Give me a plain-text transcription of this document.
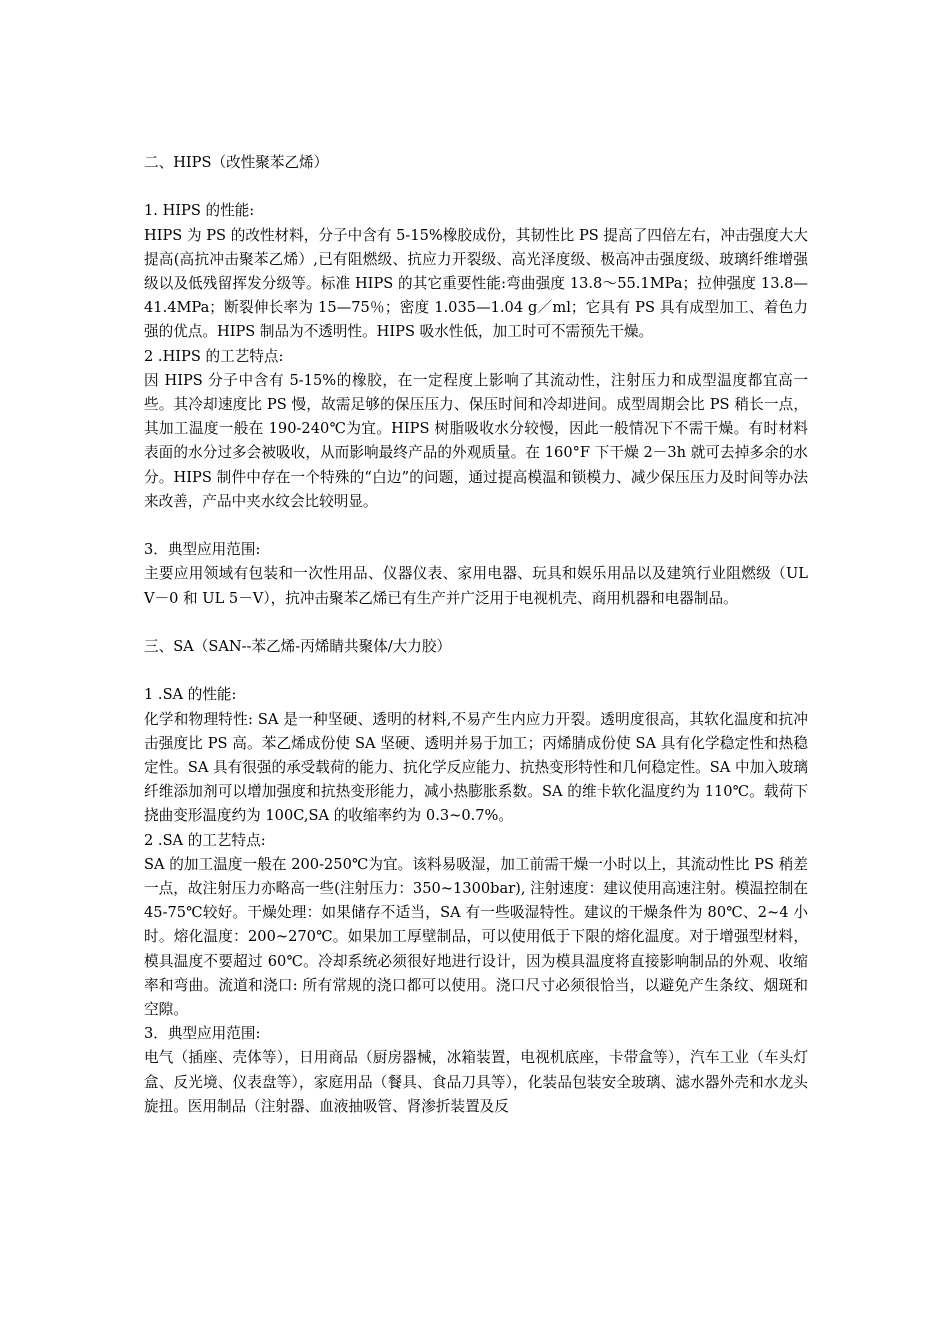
二、HIPS（改性聚苯乙烯）

1. HIPS 的性能:

HIPS 为 PS 的改性材料，分子中含有 5-15%橡胶成份，其韧性比 PS 提高了四倍左右，冲击强度大大提高(高抗冲击聚苯乙烯）,已有阻燃级、抗应力开裂级、高光泽度级、极高冲击强度级、玻璃纤维增强级以及低残留挥发分级等。标准 HIPS 的其它重要性能:弯曲强度 13.8～55.1MPa；拉伸强度 13.8—41.4MPa；断裂伸长率为 15—75％；密度 1.035—1.04 g／ml；它具有 PS 具有成型加工、着色力强的优点。HIPS 制品为不透明性。HIPS 吸水性低，加工时可不需预先干燥。

2 .HIPS 的工艺特点:

因 HIPS 分子中含有 5-15%的橡胶，在一定程度上影响了其流动性，注射压力和成型温度都宜高一些。其冷却速度比 PS 慢，故需足够的保压压力、保压时间和冷却进间。成型周期会比 PS 稍长一点，其加工温度一般在 190-240℃为宜。HIPS 树脂吸收水分较慢，因此一般情况下不需干燥。有时材料表面的水分过多会被吸收，从而影响最终产品的外观质量。在 160°F 下干燥 2－3h 就可去掉多余的水分。HIPS 制件中存在一个特殊的“白边”的问题，通过提高模温和锁模力、减少保压压力及时间等办法来改善，产品中夹水纹会比较明显。

3．典型应用范围:

主要应用领域有包装和一次性用品、仪器仪表、家用电器、玩具和娱乐用品以及建筑行业阻燃级（UL V－0 和 UL 5－V），抗冲击聚苯乙烯已有生产并广泛用于电视机壳、商用机器和电器制品。

三、SA（SAN--苯乙烯-丙烯睛共聚体/大力胶）

1 .SA 的性能:

化学和物理特性: SA 是一种坚硬、透明的材料,不易产生内应力开裂。透明度很高，其软化温度和抗冲击强度比 PS 高。苯乙烯成份使 SA 坚硬、透明并易于加工；丙烯腈成份使 SA 具有化学稳定性和热稳定性。SA 具有很强的承受载荷的能力、抗化学反应能力、抗热变形特性和几何稳定性。SA 中加入玻璃纤维添加剂可以增加强度和抗热变形能力，减小热膨胀系数。SA 的维卡软化温度约为 110℃。载荷下挠曲变形温度约为 100C,SA 的收缩率约为 0.3~0.7%。

2 .SA 的工艺特点:

SA 的加工温度一般在 200-250℃为宜。该料易吸湿，加工前需干燥一小时以上，其流动性比 PS 稍差一点，故注射压力亦略高一些(注射压力：350~1300bar), 注射速度：建议使用高速注射。模温控制在 45-75℃较好。干燥处理：如果储存不适当，SA 有一些吸湿特性。建议的干燥条件为 80℃、2~4 小时。熔化温度：200~270℃。如果加工厚壁制品，可以使用低于下限的熔化温度。对于增强型材料，模具温度不要超过 60℃。冷却系统必须很好地进行设计，因为模具温度将直接影响制品的外观、收缩率和弯曲。流道和浇口: 所有常规的浇口都可以使用。浇口尺寸必须很恰当，以避免产生条纹、烟斑和空隙。

3．典型应用范围:

电气（插座、壳体等），日用商品（厨房器械，冰箱装置，电视机底座，卡带盒等），汽车工业（车头灯盒、反光境、仪表盘等），家庭用品（餐具、食品刀具等），化装品包装安全玻璃、滤水器外壳和水龙头旋扭。医用制品（注射器、血液抽吸管、肾渗折装置及反
